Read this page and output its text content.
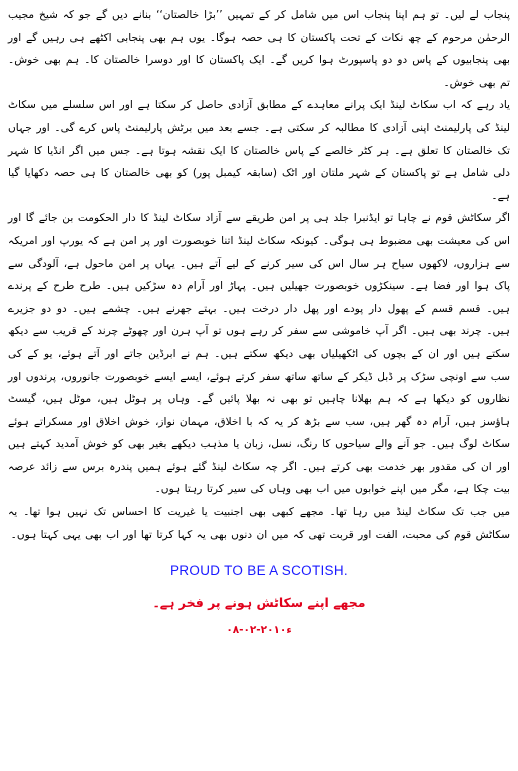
پنجاب لے لیں۔ تو ہم اپنا پنجاب اس میں شامل کر کے تمہیں ’’بڑا خالصتان‘‘ بنانے دیں گے جو کہ شیخ مجیب الرحمٰن مرحوم کے چھ نکات کے تحت پاکستان کا ہی حصہ ہوگا۔ یوں ہم بھی پنجابی اکٹھے ہی رہیں گے اور بھی پنجابیوں کے پاس دو دو پاسپورٹ ہوا کریں گے۔ ایک پاکستان کا اور دوسرا خالصتان کا۔ ہم بھی خوش۔ تم بھی خوش۔

یاد رہے کہ اب سکاٹ لینڈ ایک پرانے معاہدے کے مطابق آزادی حاصل کر سکتا ہے اور اس سلسلے میں سکاٹ لینڈ کی پارلیمنٹ اپنی آزادی کا مطالبہ کر سکتی ہے۔ جسے بعد میں برٹش پارلیمنٹ پاس کرے گی۔ اور جہاں تک خالصتان کا تعلق ہے۔ ہر کٹر خالصے کے پاس خالصتان کا ایک نقشہ ہوتا ہے۔ جس میں اگر انڈیا کا شہر دلی شامل ہے تو پاکستان کے شہر ملتان اور اٹک (سابقہ کیمبل پور) کو بھی خالصتان کا ہی حصہ دکھایا گیا ہے۔

اگر سکاٹش قوم نے چاہا تو ایڈنبرا جلد ہی پر امن طریقے سے آزاد سکاٹ لینڈ کا دار الحکومت بن جائے گا اور اس کی معیشت بھی مضبوط ہی ہوگی۔ کیونکہ سکاٹ لینڈ اتنا خوبصورت اور پر امن ہے کہ یورپ اور امریکہ سے ہزاروں، لاکھوں سیاح ہر سال اس کی سیر کرنے کے لیے آتے ہیں۔ یہاں پر امن ماحول ہے، آلودگی سے پاک ہوا اور فضا ہے۔ سینکڑوں خوبصورت جھیلیں ہیں۔ پہاڑ اور آرام دہ سڑکیں ہیں۔ طرح طرح کے پرندے ہیں۔ قسم قسم کے پھول دار پودے اور پھل دار درخت ہیں۔ بہتے جھرنے ہیں۔ چشمے ہیں۔ دو دو جزیرے ہیں۔ چرند بھی ہیں۔ اگر آپ خاموشی سے سفر کر رہے ہوں تو آپ ہرن اور چھوٹے چرند کے قریب سے دیکھ سکتے ہیں اور ان کے بچوں کی اٹکھیلیاں بھی دیکھ سکتے ہیں۔ ہم نے ابرڈین جاتے اور آتے ہوئے، یو کے کی سب سے اونچی سڑک پر ڈبل ڈیکر کے ساتھ ساتھ سفر کرتے ہوئے، ایسے ایسے خوبصورت جانوروں، پرندوں اور نظاروں کو دیکھا ہے کہ ہم بھلانا چاہیں تو بھی نہ بھلا پائیں گے۔ وہاں پر ہوٹل ہیں، موٹل ہیں، گیسٹ ہاؤسز ہیں، آرام دہ گھر ہیں، سب سے بڑھ کر یہ کہ با اخلاق، مہمان نواز، خوش اخلاق اور مسکراتے ہوئے سکاٹ لوگ ہیں۔ جو آنے والے سیاحوں کا رنگ، نسل، زبان یا مذہب دیکھے بغیر بھی کو خوش آمدید کہتے ہیں اور ان کی مقدور بھر خدمت بھی کرتے ہیں۔ اگر چہ سکاٹ لینڈ گئے ہوئے ہمیں پندرہ برس سے زائد عرصہ بیت چکا ہے، مگر میں اپنے خوابوں میں اب بھی وہاں کی سیر کرتا رہتا ہوں۔

میں جب تک سکاٹ لینڈ میں رہا تھا۔ مجھے کبھی بھی اجنبیت یا غیریت کا احساس تک نہیں ہوا تھا۔ یہ سکاٹش قوم کی محبت، الفت اور قربت تھی کہ میں ان دنوں بھی یہ کہا کرتا تھا اور اب بھی یہی کہتا ہوں۔

PROUD TO BE A SCOTISH.
مجھے اپنے سکاٹش ہونے پر فخر ہے۔
۰۸-۰۲-۲۰۱۰ء
